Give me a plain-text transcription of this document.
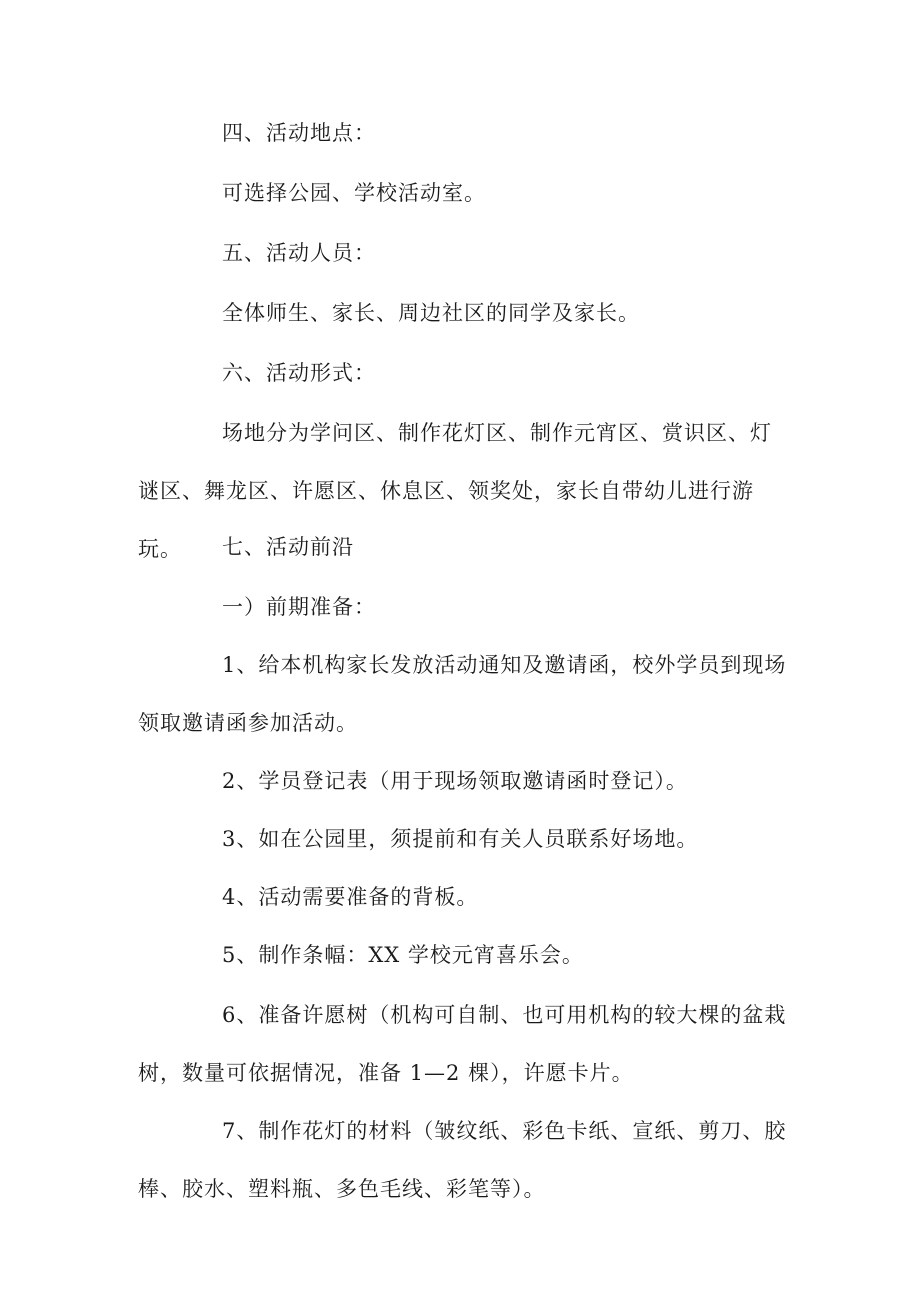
四、活动地点：

可选择公园、学校活动室。

五、活动人员：

全体师生、家长、周边社区的同学及家长。

六、活动形式：

场地分为学问区、制作花灯区、制作元宵区、赏识区、灯谜区、舞龙区、许愿区、休息区、领奖处，家长自带幼儿进行游玩。	七、活动前沿

一）前期准备：

1、给本机构家长发放活动通知及邀请函，校外学员到现场领取邀请函参加活动。

2、学员登记表（用于现场领取邀请函时登记）。

3、如在公园里，须提前和有关人员联系好场地。

4、活动需要准备的背板。

5、制作条幅：XX 学校元宵喜乐会。

6、准备许愿树（机构可自制、也可用机构的较大棵的盆栽树，数量可依据情况，准备 1—2 棵），许愿卡片。

7、制作花灯的材料（皱纹纸、彩色卡纸、宣纸、剪刀、胶棒、胶水、塑料瓶、多色毛线、彩笔等）。
